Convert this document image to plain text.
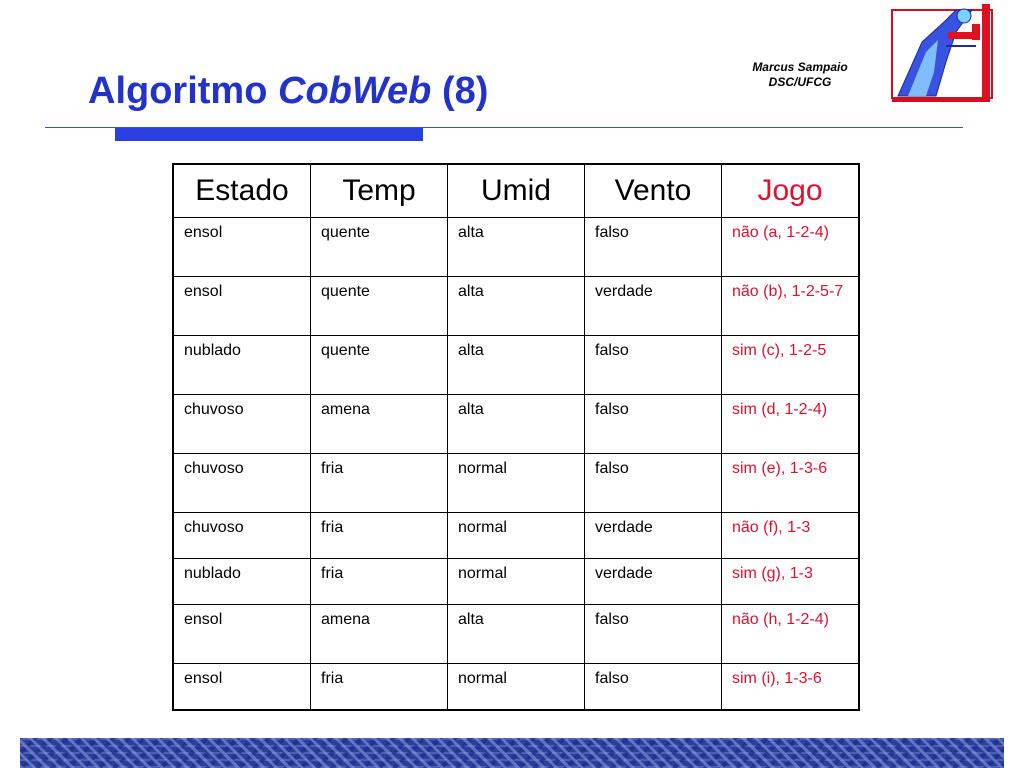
Algoritmo CobWeb (8)
Marcus Sampaio
DSC/UFCG
Estado	Temp	Umid	Vento	Jogo
ensol	quente	alta	falso	não (a, 1-2-4)
ensol	quente	alta	verdade	não (b), 1-2-5-7
nublado	quente	alta	falso	sim (c), 1-2-5
chuvoso	amena	alta	falso	sim (d, 1-2-4)
chuvoso	fria	normal	falso	sim (e), 1-3-6
chuvoso	fria	normal	verdade	não (f), 1-3
nublado	fria	normal	verdade	sim (g), 1-3
ensol	amena	alta	falso	não (h, 1-2-4)
ensol	fria	normal	falso	sim (i), 1-3-6
